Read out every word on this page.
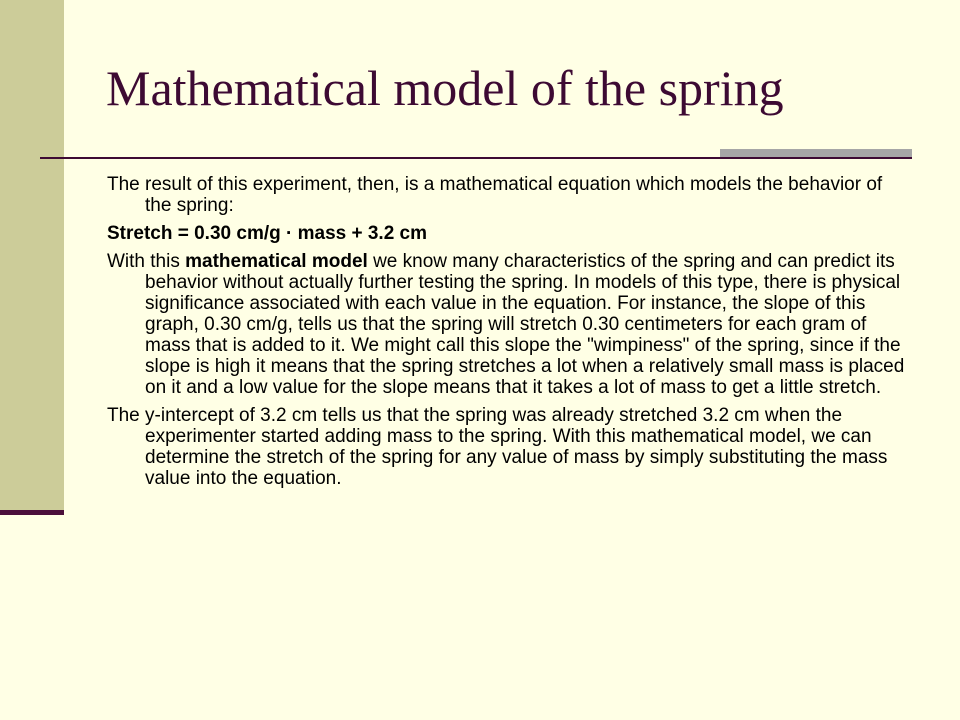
Mathematical model of the spring

The result of this experiment, then, is a mathematical equation which models the behavior of the spring:

Stretch = 0.30 cm/g · mass + 3.2 cm

With this mathematical model we know many characteristics of the spring and can predict its behavior without actually further testing the spring. In models of this type, there is physical significance associated with each value in the equation. For instance, the slope of this graph, 0.30 cm/g, tells us that the spring will stretch 0.30 centimeters for each gram of mass that is added to it. We might call this slope the "wimpiness" of the spring, since if the slope is high it means that the spring stretches a lot when a relatively small mass is placed on it and a low value for the slope means that it takes a lot of mass to get a little stretch.

The y-intercept of 3.2 cm tells us that the spring was already stretched 3.2 cm when the experimenter started adding mass to the spring. With this mathematical model, we can determine the stretch of the spring for any value of mass by simply substituting the mass value into the equation.
